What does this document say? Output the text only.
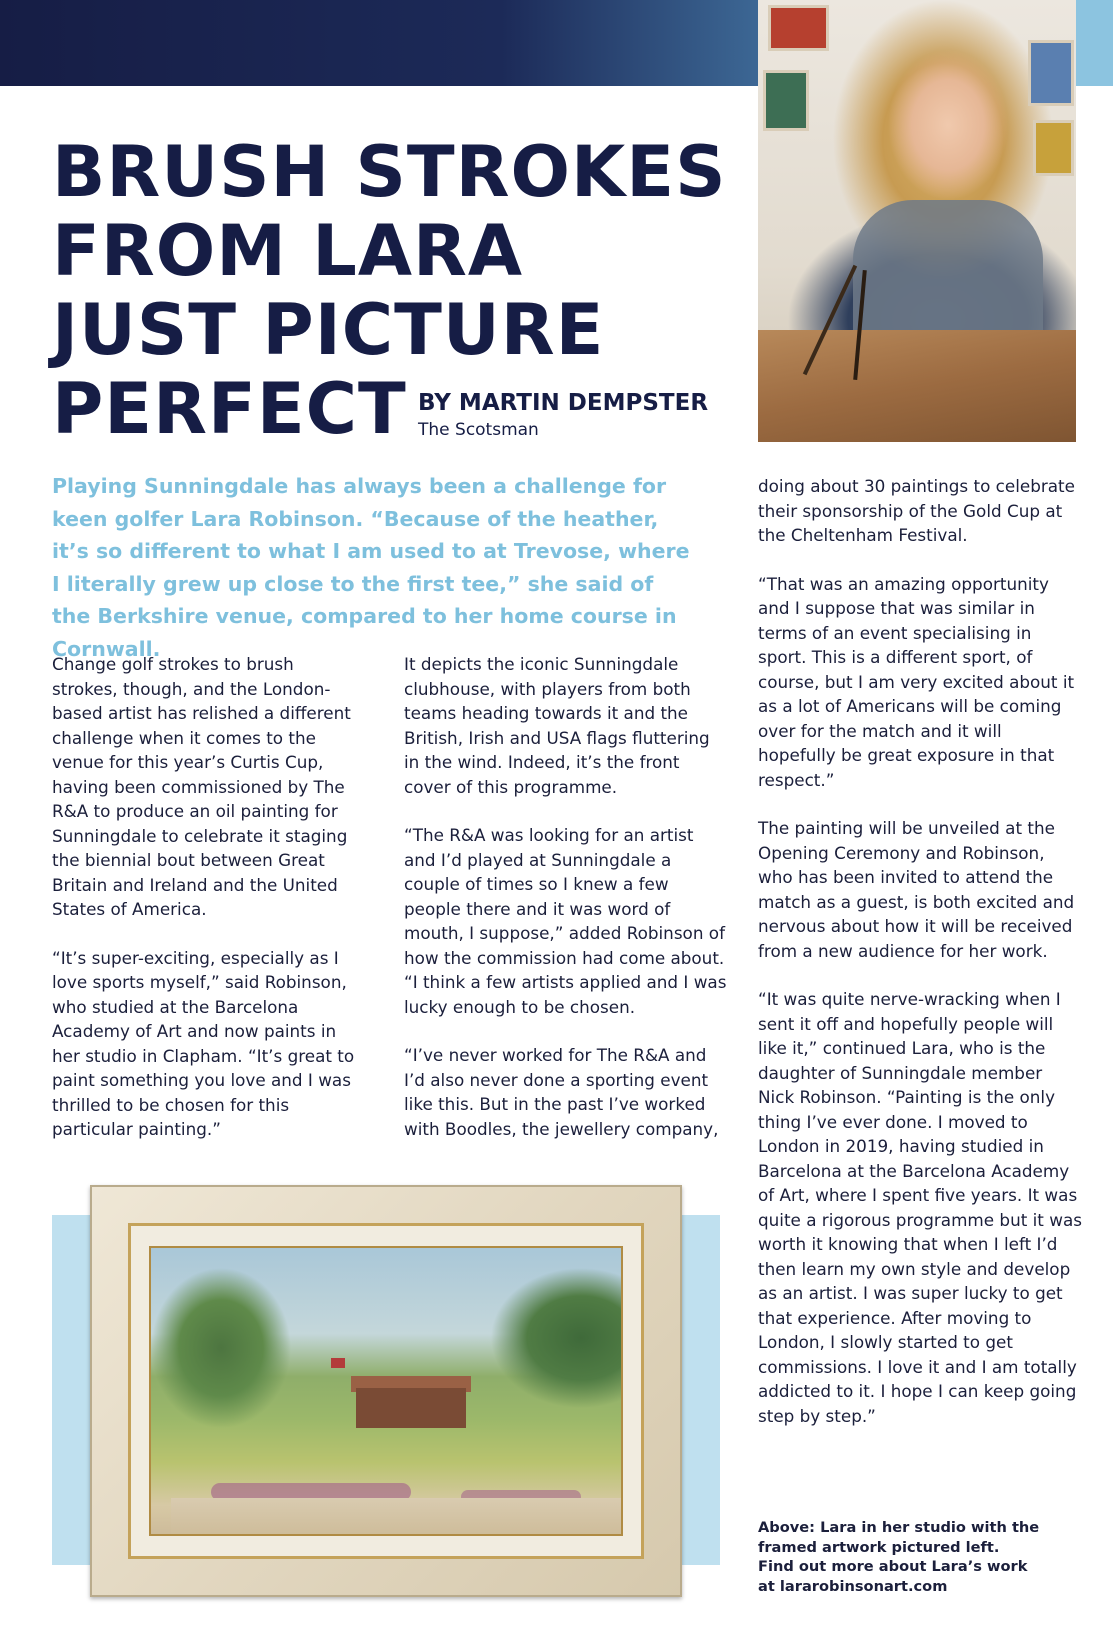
BRUSH STROKES
FROM LARA
JUST PICTURE
PERFECT BY MARTIN DEMPSTER
The Scotsman

Playing Sunningdale has always been a challenge for keen golfer Lara Robinson. “Because of the heather, it’s so different to what I am used to at Trevose, where I literally grew up close to the first tee,” she said of the Berkshire venue, compared to her home course in Cornwall.

Change golf strokes to brush strokes, though, and the London-based artist has relished a different challenge when it comes to the venue for this year’s Curtis Cup, having been commissioned by The R&A to produce an oil painting for Sunningdale to celebrate it staging the biennial bout between Great Britain and Ireland and the United States of America.

“It’s super-exciting, especially as I love sports myself,” said Robinson, who studied at the Barcelona Academy of Art and now paints in her studio in Clapham. “It’s great to paint something you love and I was thrilled to be chosen for this particular painting.”

It depicts the iconic Sunningdale clubhouse, with players from both teams heading towards it and the British, Irish and USA flags fluttering in the wind. Indeed, it’s the front cover of this programme.

“The R&A was looking for an artist and I’d played at Sunningdale a couple of times so I knew a few people there and it was word of mouth, I suppose,” added Robinson of how the commission had come about. “I think a few artists applied and I was lucky enough to be chosen.

“I’ve never worked for The R&A and I’d also never done a sporting event like this. But in the past I’ve worked with Boodles, the jewellery company,

doing about 30 paintings to celebrate their sponsorship of the Gold Cup at the Cheltenham Festival.

“That was an amazing opportunity and I suppose that was similar in terms of an event specialising in sport. This is a different sport, of course, but I am very excited about it as a lot of Americans will be coming over for the match and it will hopefully be great exposure in that respect.”

The painting will be unveiled at the Opening Ceremony and Robinson, who has been invited to attend the match as a guest, is both excited and nervous about how it will be received from a new audience for her work.

“It was quite nerve-wracking when I sent it off and hopefully people will like it,” continued Lara, who is the daughter of Sunningdale member Nick Robinson. “Painting is the only thing I’ve ever done. I moved to London in 2019, having studied in Barcelona at the Barcelona Academy of Art, where I spent five years. It was quite a rigorous programme but it was worth it knowing that when I left I’d then learn my own style and develop as an artist. I was super lucky to get that experience. After moving to London, I slowly started to get commissions. I love it and I am totally addicted to it. I hope I can keep going step by step.”

Above: Lara in her studio with the
framed artwork pictured left.
Find out more about Lara’s work
at lararobinsonart.com
